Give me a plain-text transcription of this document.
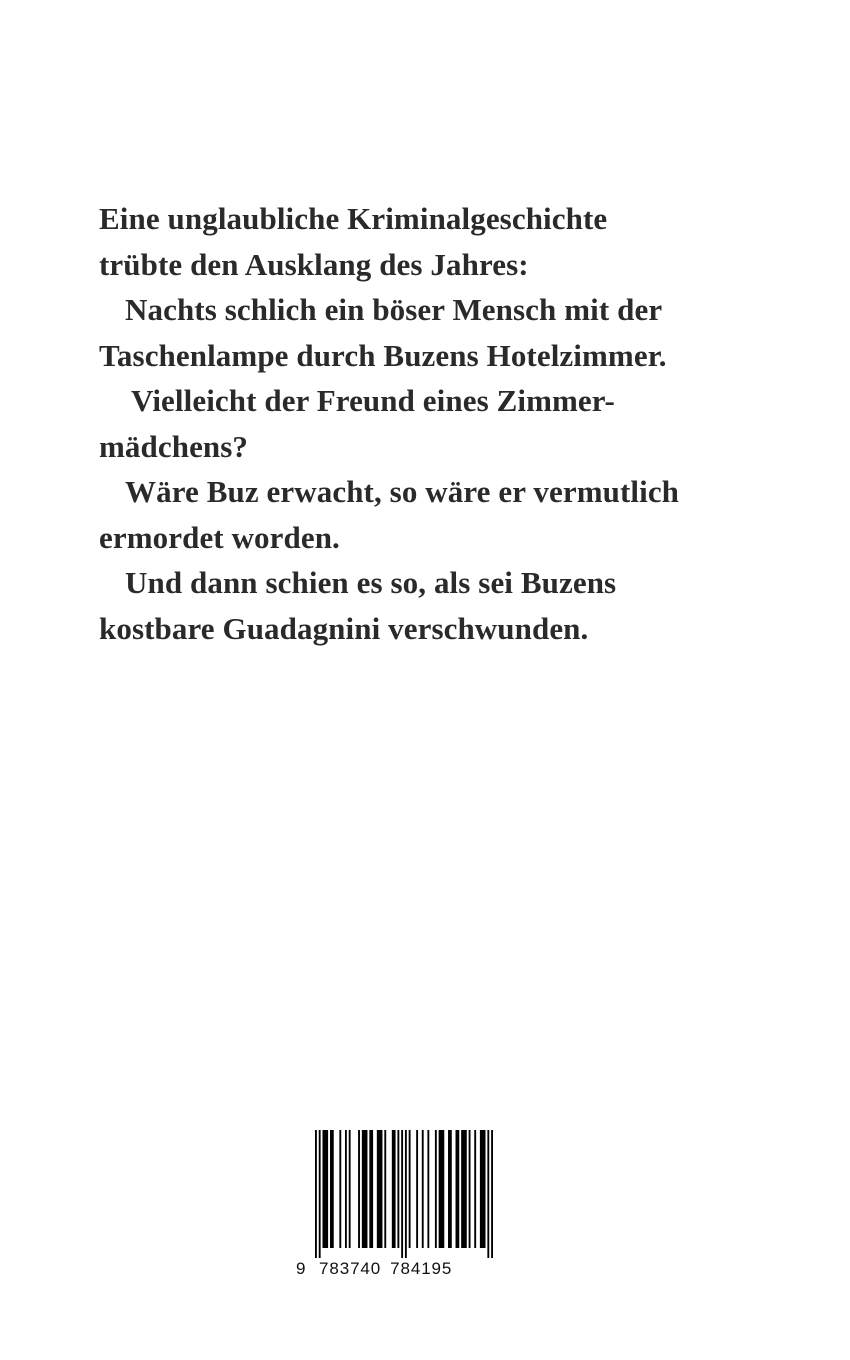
Eine unglaubliche Kriminalgeschichte
trübte den Ausklang des Jahres:
Nachts schlich ein böser Mensch mit der
Taschenlampe durch Buzens Hotelzimmer.
Vielleicht der Freund eines Zimmer-
mädchens?
Wäre Buz erwacht, so wäre er vermutlich
ermordet worden.
Und dann schien es so, als sei Buzens
kostbare Guadagnini verschwunden.
9 783740 784195
